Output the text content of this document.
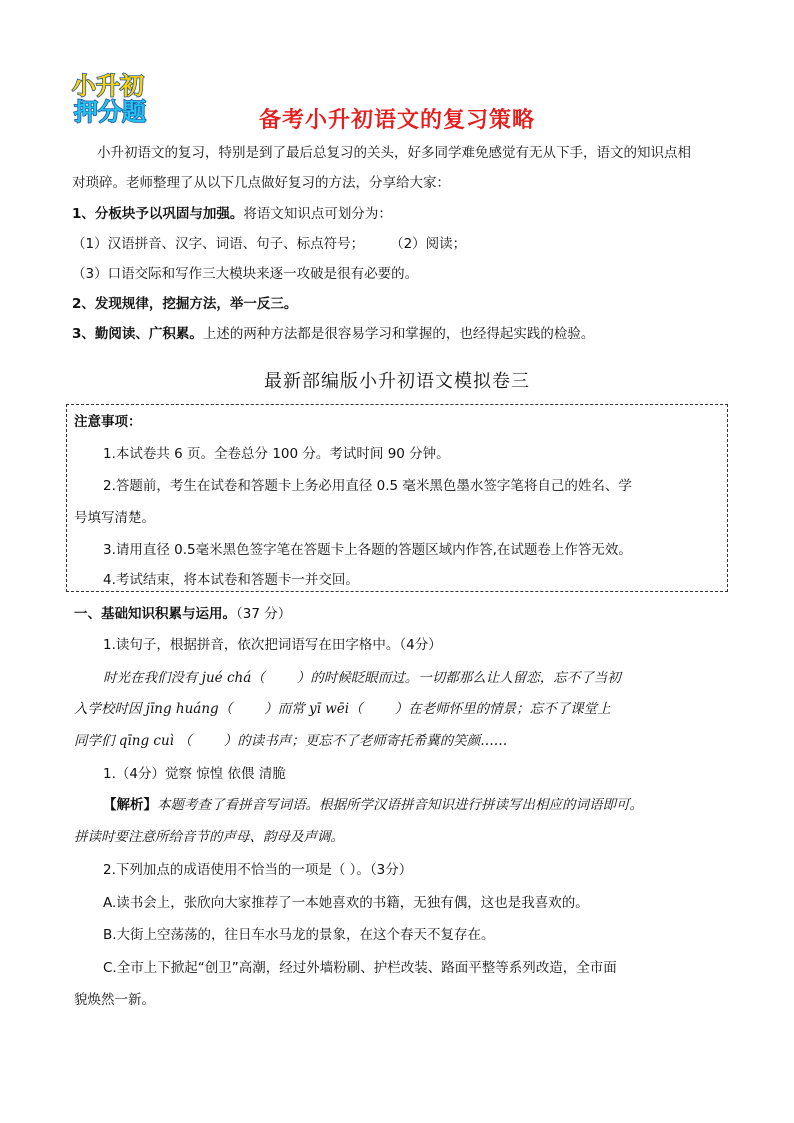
小升初
押分题	备考小升初语文的复习策略
小升初语文的复习，特别是到了最后总复习的关头，好多同学难免感觉有无从下手，语文的知识点相
对琐碎。老师整理了从以下几点做好复习的方法，分享给大家：
1、分板块予以巩固与加强。将语文知识点可划分为：
（1）汉语拼音、汉字、词语、句子、标点符号； （2）阅读；
（3）口语交际和写作三大模块来逐一攻破是很有必要的。
2、发现规律，挖掘方法，举一反三。
3、勤阅读、广积累。上述的两种方法都是很容易学习和掌握的，也经得起实践的检验。
最新部编版小升初语文模拟卷三
注意事项：
1.本试卷共 6 页。全卷总分 100 分。考试时间 90 分钟。
2.答题前，考生在试卷和答题卡上务必用直径 0.5 毫米黑色墨水签字笔将自己的姓名、学
号填写清楚。
3.请用直径 0.5毫米黑色签字笔在答题卡上各题的答题区域内作答,在试题卷上作答无效。
4.考试结束，将本试卷和答题卡一并交回。
一、基础知识积累与运用。（37 分）
1.读句子，根据拼音，依次把词语写在田字格中。（4分）
时光在我们没有 jué chá（ ）的时候眨眼而过。一切都那么让人留恋，忘不了当初
入学校时因 jīng huáng（ ）而常 yī wēi（ ）在老师怀里的情景；忘不了课堂上
同学们 qīng cuì （ ）的读书声；更忘不了老师寄托希冀的笑颜……
1.（4分）觉察 惊惶 依偎 清脆
【解析】本题考查了看拼音写词语。根据所学汉语拼音知识进行拼读写出相应的词语即可。
拼读时要注意所给音节的声母、韵母及声调。
2.下列加点的成语使用不恰当的一项是（ ）。（3分）
A.读书会上，张欣向大家推荐了一本她喜欢的书籍，无独有偶，这也是我喜欢的。
B.大街上空荡荡的，往日车水马龙的景象，在这个春天不复存在。
C.全市上下掀起“创卫”高潮，经过外墙粉刷、护栏改装、路面平整等系列改造，全市面
貌焕然一新。
